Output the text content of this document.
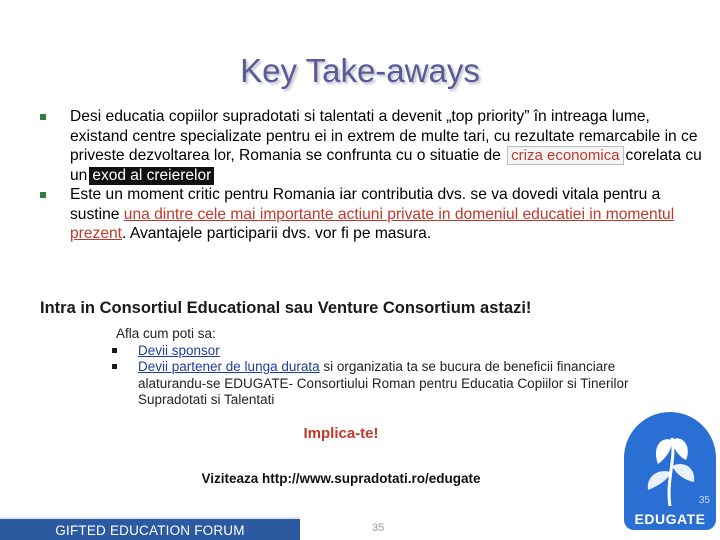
Key Take-aways
Desi educatia copiilor supradotati si talentati a devenit „top priority” în intreaga lume, existand centre specializate pentru ei in extrem de multe tari, cu rezultate remarcabile in ce priveste dezvoltarea lor, Romania se confrunta cu o situatie de criza economica corelata cu un exod al creierelor
Este un moment critic pentru Romania iar contributia dvs. se va dovedi vitala pentru a sustine una dintre cele mai importante actiuni private in domeniul educatiei in momentul prezent. Avantajele participarii dvs. vor fi pe masura.
Intra in Consortiul Educational sau Venture Consortium astazi!
Afla cum poti sa:
Devii sponsor
Devii partener de lunga durata si organizatia ta se bucura de beneficii financiare alaturandu-se EDUGATE- Consortiului Roman pentru Educatia Copiilor si Tinerilor Supradotati si Talentati
Implica-te!
Viziteaza http://www.supradotati.ro/edugate
35
EDUGATE
GIFTED EDUCATION FORUM	35
